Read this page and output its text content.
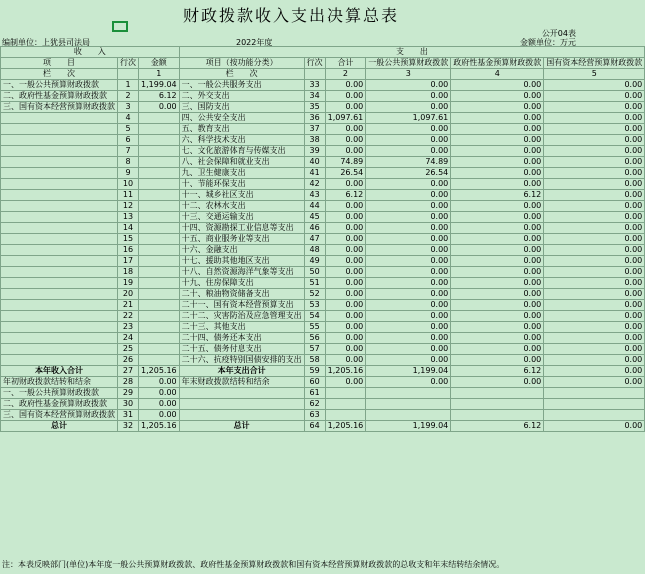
财政拨款收入支出决算总表
公开04表
编制单位：上犹县司法局	2022年度	金额单位：万元
收　　入			支　　出					
项　　目	行次	金额	项目（按功能分类）	行次	合计	一般公共预算财政拨款	政府性基金预算财政拨款	国有资本经营预算财政拨款
栏　　次		1	栏　　次		2	3	4	5
一、一般公共预算财政拨款	1	1,199.04	一、一般公共服务支出	33	0.00	0.00	0.00	0.00
二、政府性基金预算财政拨款	2	6.12	二、外交支出	34	0.00	0.00	0.00	0.00
三、国有资本经营预算财政拨款	3	0.00	三、国防支出	35	0.00	0.00	0.00	0.00
	4		四、公共安全支出	36	1,097.61	1,097.61	0.00	0.00
	5		五、教育支出	37	0.00	0.00	0.00	0.00
	6		六、科学技术支出	38	0.00	0.00	0.00	0.00
	7		七、文化旅游体育与传媒支出	39	0.00	0.00	0.00	0.00
	8		八、社会保障和就业支出	40	74.89	74.89	0.00	0.00
	9		九、卫生健康支出	41	26.54	26.54	0.00	0.00
	10		十、节能环保支出	42	0.00	0.00	0.00	0.00
	11		十一、城乡社区支出	43	6.12	0.00	6.12	0.00
	12		十二、农林水支出	44	0.00	0.00	0.00	0.00
	13		十三、交通运输支出	45	0.00	0.00	0.00	0.00
	14		十四、资源勘探工业信息等支出	46	0.00	0.00	0.00	0.00
	15		十五、商业服务业等支出	47	0.00	0.00	0.00	0.00
	16		十六、金融支出	48	0.00	0.00	0.00	0.00
	17		十七、援助其他地区支出	49	0.00	0.00	0.00	0.00
	18		十八、自然资源海洋气象等支出	50	0.00	0.00	0.00	0.00
	19		十九、住房保障支出	51	0.00	0.00	0.00	0.00
	20		二十、粮油物资储备支出	52	0.00	0.00	0.00	0.00
	21		二十一、国有资本经营预算支出	53	0.00	0.00	0.00	0.00
	22		二十二、灾害防治及应急管理支出	54	0.00	0.00	0.00	0.00
	23		二十三、其他支出	55	0.00	0.00	0.00	0.00
	24		二十四、债务还本支出	56	0.00	0.00	0.00	0.00
	25		二十五、债务付息支出	57	0.00	0.00	0.00	0.00
	26		二十六、抗疫特别国债安排的支出	58	0.00	0.00	0.00	0.00
本年收入合计	27	1,205.16	本年支出合计	59	1,205.16	1,199.04	6.12	0.00
年初财政拨款结转和结余	28	0.00	年末财政拨款结转和结余	60	0.00	0.00	0.00	0.00
一、一般公共预算财政拨款	29	0.00		61				
二、政府性基金预算财政拨款	30	0.00		62				
三、国有资本经营预算财政拨款	31	0.00		63				
总计	32	1,205.16	总计	64	1,205.16	1,199.04	6.12	0.00
注：本表反映部门(单位)本年度一般公共预算财政拨款、政府性基金预算财政拨款和国有资本经营预算财政拨款的总收支和年末结转结余情况。
